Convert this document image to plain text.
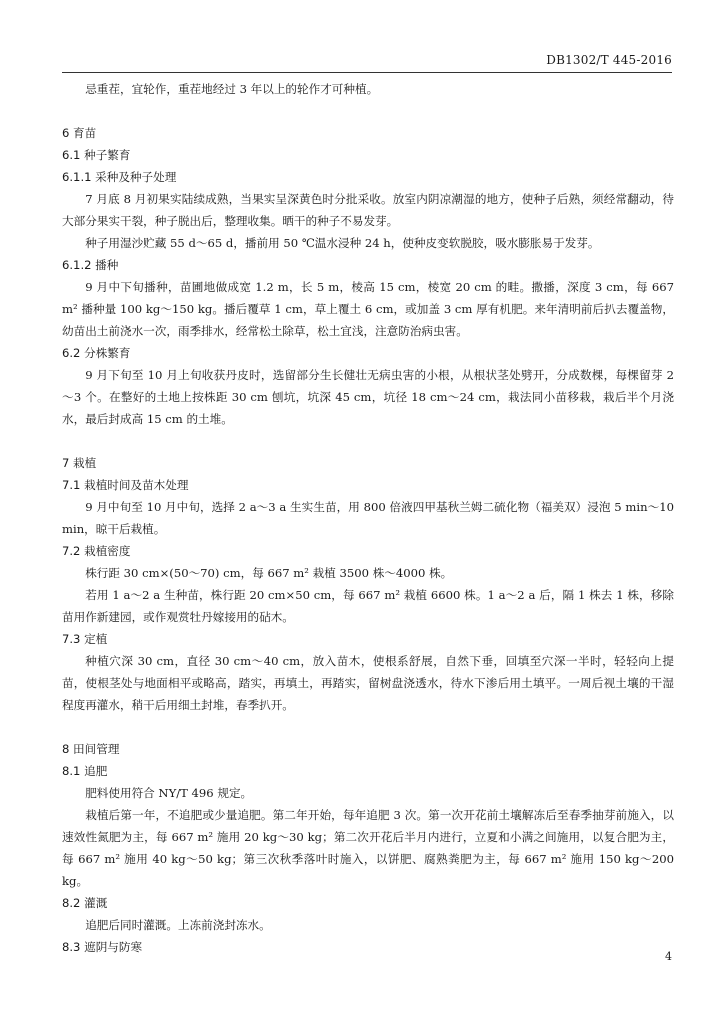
DB1302/T 445-2016

忌重茬，宜轮作，重茬地经过 3 年以上的轮作才可种植。

6 育苗

6.1 种子繁育

6.1.1 采种及种子处理

7 月底 8 月初果实陆续成熟，当果实呈深黄色时分批采收。放室内阴凉潮湿的地方，使种子后熟，须经常翻动，待大部分果实干裂，种子脱出后，整理收集。晒干的种子不易发芽。

种子用湿沙贮藏 55 d～65 d，播前用 50 ℃温水浸种 24 h，使种皮变软脱胶，吸水膨胀易于发芽。

6.1.2 播种

9 月中下旬播种，苗圃地做成宽 1.2 m，长 5 m，棱高 15 cm，棱宽 20 cm 的畦。撒播，深度 3 cm，每 667 m² 播种量 100 kg～150 kg。播后覆草 1 cm，草上覆土 6 cm，或加盖 3 cm 厚有机肥。来年清明前后扒去覆盖物，幼苗出土前浇水一次，雨季排水，经常松土除草，松土宜浅，注意防治病虫害。

6.2 分株繁育

9 月下旬至 10 月上旬收获丹皮时，选留部分生长健壮无病虫害的小根，从根状茎处劈开，分成数棵，每棵留芽 2～3 个。在整好的土地上按株距 30 cm 刨坑，坑深 45 cm，坑径 18 cm～24 cm，栽法同小苗移栽，栽后半个月浇水，最后封成高 15 cm 的土堆。

7 栽植

7.1 栽植时间及苗木处理

9 月中旬至 10 月中旬，选择 2 a～3 a 生实生苗，用 800 倍液四甲基秋兰姆二硫化物（福美双）浸泡 5 min～10 min，晾干后栽植。

7.2 栽植密度

株行距 30 cm×(50～70) cm，每 667 m² 栽植 3500 株～4000 株。

若用 1 a～2 a 生种苗，株行距 20 cm×50 cm，每 667 m² 栽植 6600 株。1 a～2 a 后，隔 1 株去 1 株，移除苗用作新建园，或作观赏牡丹嫁接用的砧木。

7.3 定植

种植穴深 30 cm，直径 30 cm～40 cm，放入苗木，使根系舒展，自然下垂，回填至穴深一半时，轻轻向上提苗，使根茎处与地面相平或略高，踏实，再填土，再踏实，留树盘浇透水，待水下渗后用土填平。一周后视土壤的干湿程度再灌水，稍干后用细土封堆，春季扒开。

8 田间管理

8.1 追肥

肥料使用符合 NY/T 496 规定。

栽植后第一年，不追肥或少量追肥。第二年开始，每年追肥 3 次。第一次开花前土壤解冻后至春季抽芽前施入，以速效性氮肥为主，每 667 m² 施用 20 kg～30 kg；第二次开花后半月内进行，立夏和小满之间施用，以复合肥为主，每 667 m² 施用 40 kg～50 kg；第三次秋季落叶时施入，以饼肥、腐熟粪肥为主，每 667 m² 施用 150 kg～200 kg。

8.2 灌溉

追肥后同时灌溉。上冻前浇封冻水。

8.3 遮阴与防寒

4
